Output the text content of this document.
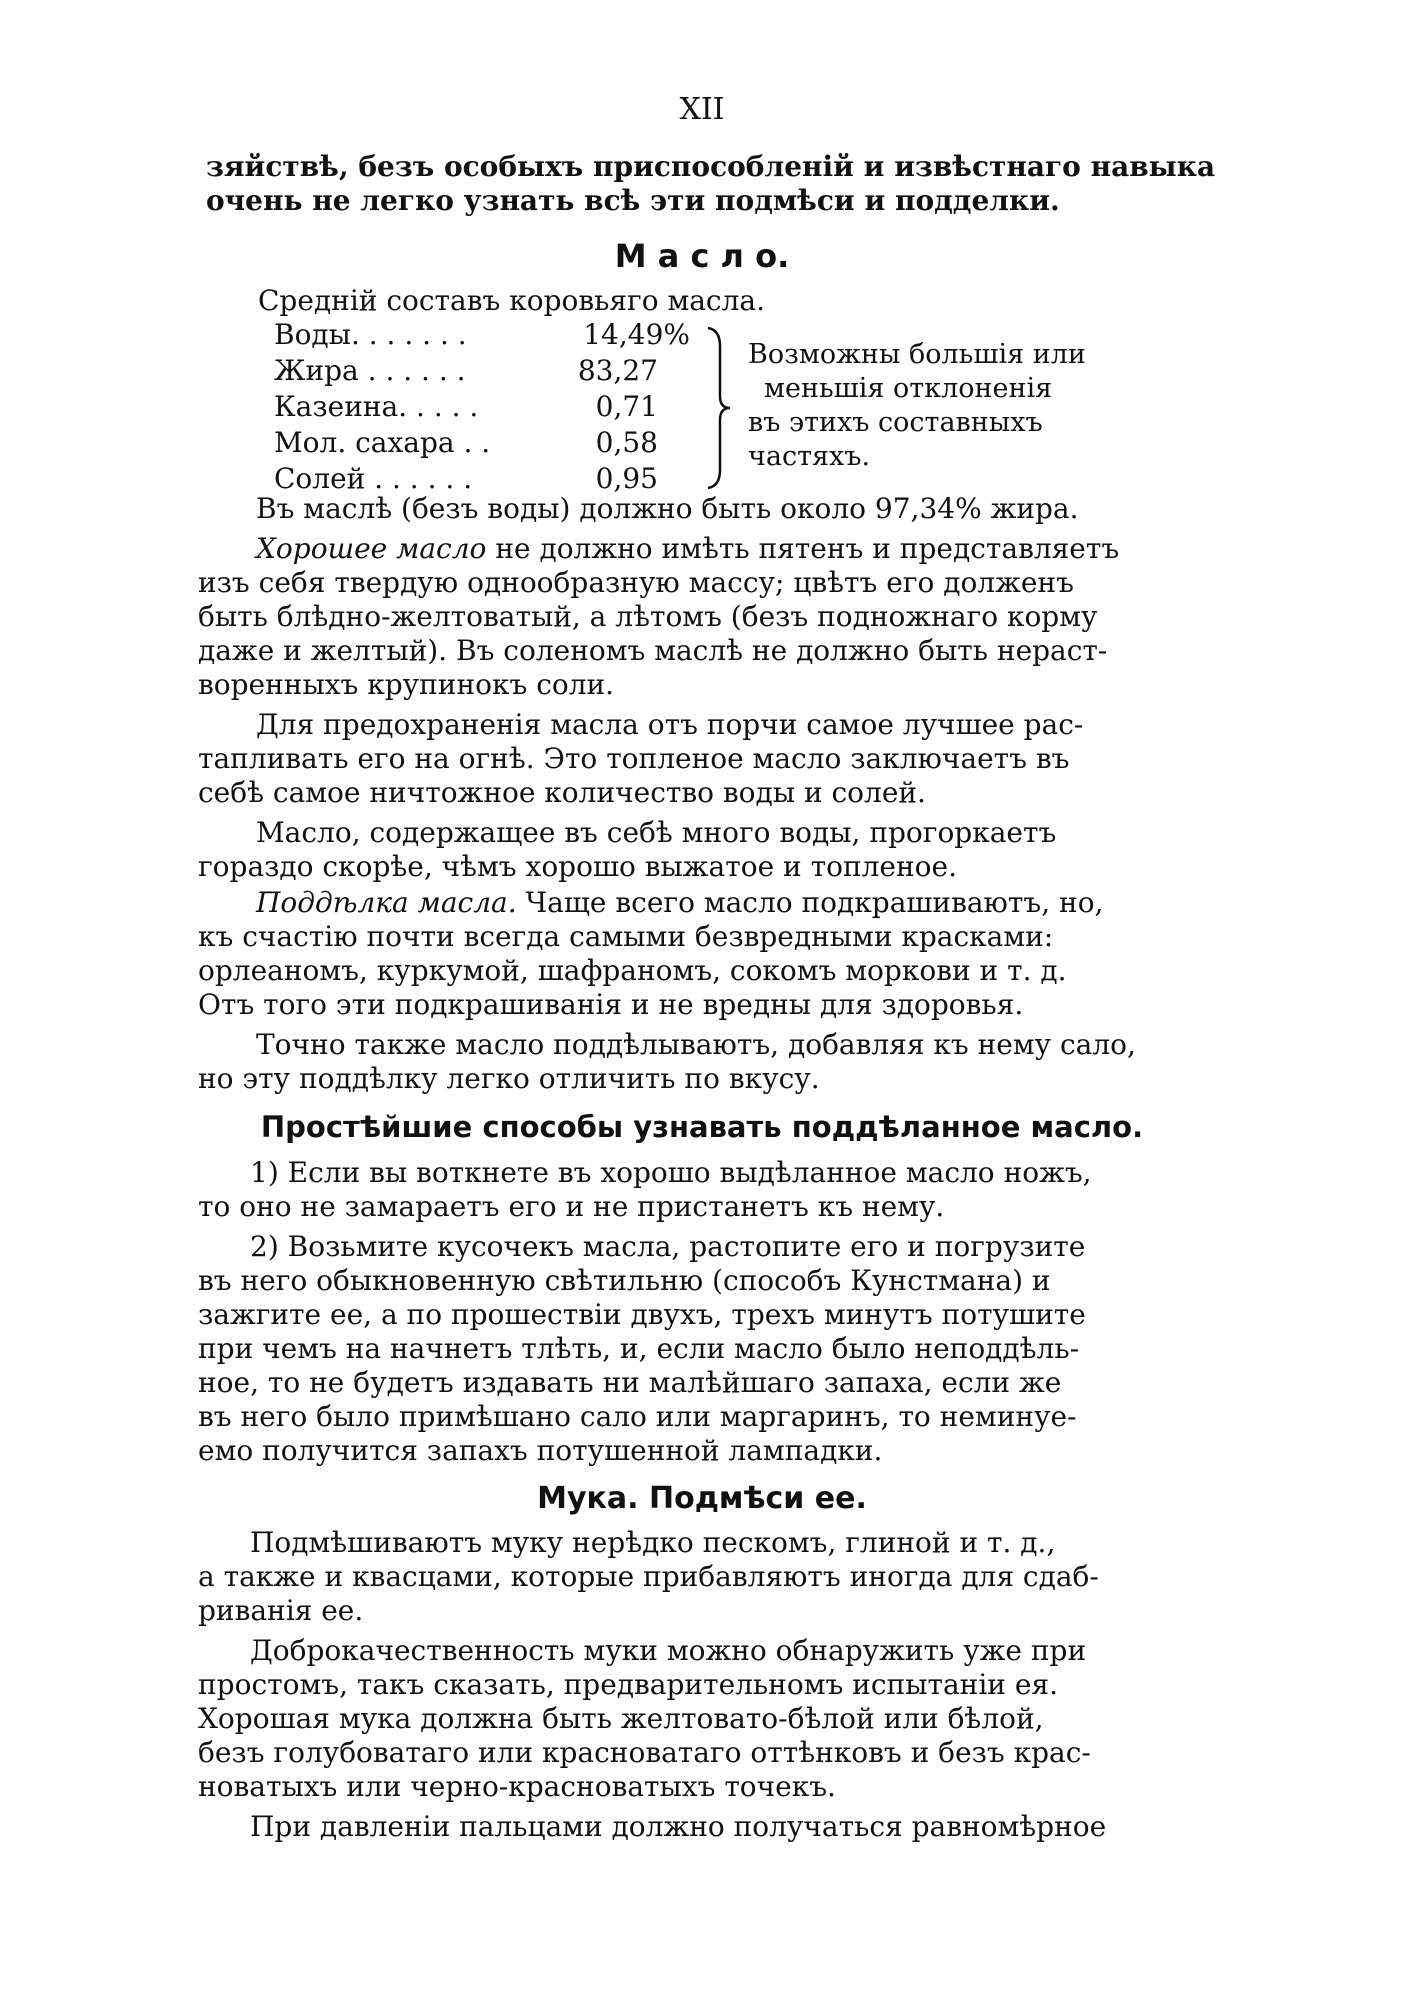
XII

зяйствѣ, безъ особыхъ приспособленій и извѣстнаго навыка

очень не легко узнать всѣ эти подмѣси и подделки.

М а с л о.

Среднiй составъ коровьяго масла.

Воды. . . . . . .	14,49%
Жира . . . . . .	83,27
Казеина. . . . .	0,71
Мол. сахара . .	0,58
Солей . . . . . .	0,95
Возможны большiя или
меньшiя отклоненiя
въ этихъ составныхъ
частяхъ.

Въ маслѣ (безъ воды) должно быть около 97,34% жира.

Хорошее масло не должно имѣть пятенъ и представляетъ

изъ себя твердую однообразную массу; цвѣтъ его долженъ

быть блѣдно-желтоватый, а лѣтомъ (безъ подножнаго корму

даже и желтый). Въ соленомъ маслѣ не должно быть нераст-

воренныхъ крупинокъ соли.

Для предохраненiя масла отъ порчи самое лучшее рас-

тапливать его на огнѣ. Это топленое масло заключаетъ въ

себѣ самое ничтожное количество воды и солей.

Масло, содержащее въ себѣ много воды, прогоркаетъ

гораздо скорѣе, чѣмъ хорошо выжатое и топленое.

Поддѣлка масла. Чаще всего масло подкрашиваютъ, но,

къ счастiю почти всегда самыми безвредными красками:

орлеаномъ, куркумой, шафраномъ, сокомъ моркови и т. д.

Отъ того эти подкрашиванiя и не вредны для здоровья.

Точно также масло поддѣлываютъ, добавляя къ нему сало,

но эту поддѣлку легко отличить по вкусу.

Простѣйшие способы узнавать поддѣланное масло.

1) Если вы воткнете въ хорошо выдѣланное масло ножъ,

то оно не замараетъ его и не пристанетъ къ нему.

2) Возьмите кусочекъ масла, растопите его и погрузите

въ него обыкновенную свѣтильню (способъ Кунстмана) и

зажгите ее, а по прошествiи двухъ, трехъ минутъ потушите

при чемъ на начнетъ тлѣть, и, если масло было неподдѣль-

ное, то не будетъ издавать ни малѣйшаго запаха, если же

въ него было примѣшано сало или маргаринъ, то неминуе-

емо получится запахъ потушенной лампадки.

Мука. Подмѣси ее.

Подмѣшиваютъ муку нерѣдко пескомъ, глиной и т. д.,

а также и квасцами, которые прибавляютъ иногда для сдаб-

риванiя ее.

Доброкачественность муки можно обнаружить уже при

простомъ, такъ сказать, предварительномъ испытанiи ея.

Хорошая мука должна быть желтовато-бѣлой или бѣлой,

безъ голубоватаго или красноватаго оттѣнковъ и безъ крас-

новатыхъ или черно-красноватыхъ точекъ.

При давленiи пальцами должно получаться равномѣрное
